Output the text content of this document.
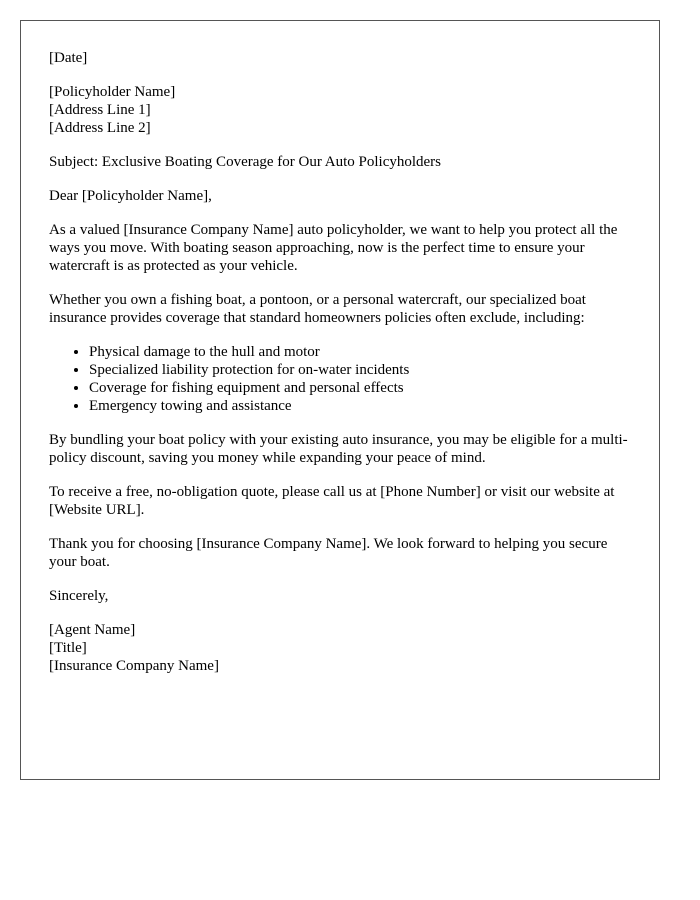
[Date]
[Policyholder Name]
[Address Line 1]
[Address Line 2]

Subject: Exclusive Boating Coverage for Our Auto Policyholders

Dear [Policyholder Name],

As a valued [Insurance Company Name] auto policyholder, we want to help you protect all the ways you move. With boating season approaching, now is the perfect time to ensure your watercraft is as protected as your vehicle.

Whether you own a fishing boat, a pontoon, or a personal watercraft, our specialized boat insurance provides coverage that standard homeowners policies often exclude, including:

• Physical damage to the hull and motor
• Specialized liability protection for on-water incidents
• Coverage for fishing equipment and personal effects
• Emergency towing and assistance

By bundling your boat policy with your existing auto insurance, you may be eligible for a multi-policy discount, saving you money while expanding your peace of mind.

To receive a free, no-obligation quote, please call us at [Phone Number] or visit our website at [Website URL].

Thank you for choosing [Insurance Company Name]. We look forward to helping you secure your boat.

Sincerely,

[Agent Name]
[Title]
[Insurance Company Name]
